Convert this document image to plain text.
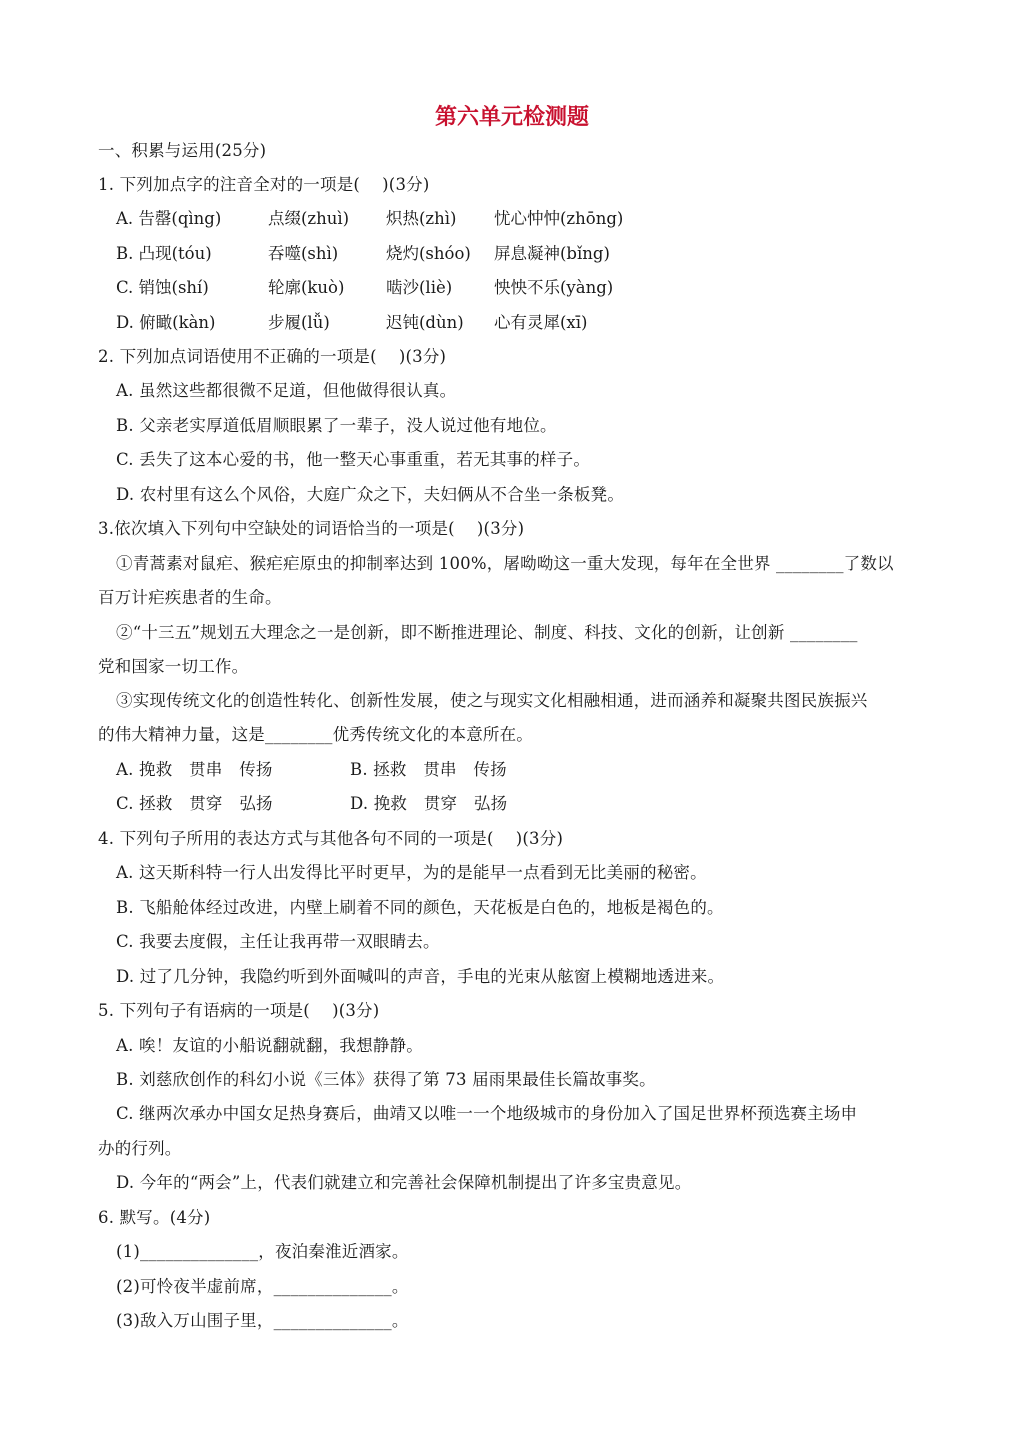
第六单元检测题
一、积累与运用(25分)
1. 下列加点字的注音全对的一项是(　 )(3分)
A. 告罄(qìng)	点缀(zhuì) 炽热(zhì) 忧心忡忡(zhōng)
B. 凸现(tóu)	吞噬(shì)	烧灼(shóo) 屏息凝神(bǐng)
C. 销蚀(shí)	轮廓(kuò)	啮沙(liè)	怏怏不乐(yàng)
D. 俯瞰(kàn)	步履(lǚ)	迟钝(dùn) 心有灵犀(xī)
2. 下列加点词语使用不正确的一项是(　 )(3分)
A. 虽然这些都很微不足道，但他做得很认真。
B. 父亲老实厚道低眉顺眼累了一辈子，没人说过他有地位。
C. 丢失了这本心爱的书，他一整天心事重重，若无其事的样子。
D. 农村里有这么个风俗，大庭广众之下，夫妇俩从不合坐一条板凳。
3.依次填入下列句中空缺处的词语恰当的一项是(　 )(3分)
①青蒿素对鼠疟、猴疟疟原虫的抑制率达到 100%，屠呦呦这一重大发现，每年在全世界 ________了数以
百万计疟疾患者的生命。
②“十三五”规划五大理念之一是创新，即不断推进理论、制度、科技、文化的创新，让创新 ________
党和国家一切工作。
③实现传统文化的创造性转化、创新性发展，使之与现实文化相融相通，进而涵养和凝聚共图民族振兴
的伟大精神力量，这是________优秀传统文化的本意所在。
A. 挽救　贯串　传扬	B. 拯救　贯串　传扬
C. 拯救　贯穿　弘扬	D. 挽救　贯穿　弘扬
4. 下列句子所用的表达方式与其他各句不同的一项是(　 )(3分)
A. 这天斯科特一行人出发得比平时更早，为的是能早一点看到无比美丽的秘密。
B. 飞船舱体经过改进，内壁上刷着不同的颜色，天花板是白色的，地板是褐色的。
C. 我要去度假，主任让我再带一双眼睛去。
D. 过了几分钟，我隐约听到外面喊叫的声音，手电的光束从舷窗上模糊地透进来。
5. 下列句子有语病的一项是(　 )(3分)
A. 唉！友谊的小船说翻就翻，我想静静。
B. 刘慈欣创作的科幻小说《三体》获得了第 73 届雨果最佳长篇故事奖。
C. 继两次承办中国女足热身赛后，曲靖又以唯一一个地级城市的身份加入了国足世界杯预选赛主场申
办的行列。
D. 今年的“两会”上，代表们就建立和完善社会保障机制提出了许多宝贵意见。
6. 默写。(4分)
(1)______________，夜泊秦淮近酒家。
(2)可怜夜半虚前席，______________。
(3)敌入万山围子里，______________。
